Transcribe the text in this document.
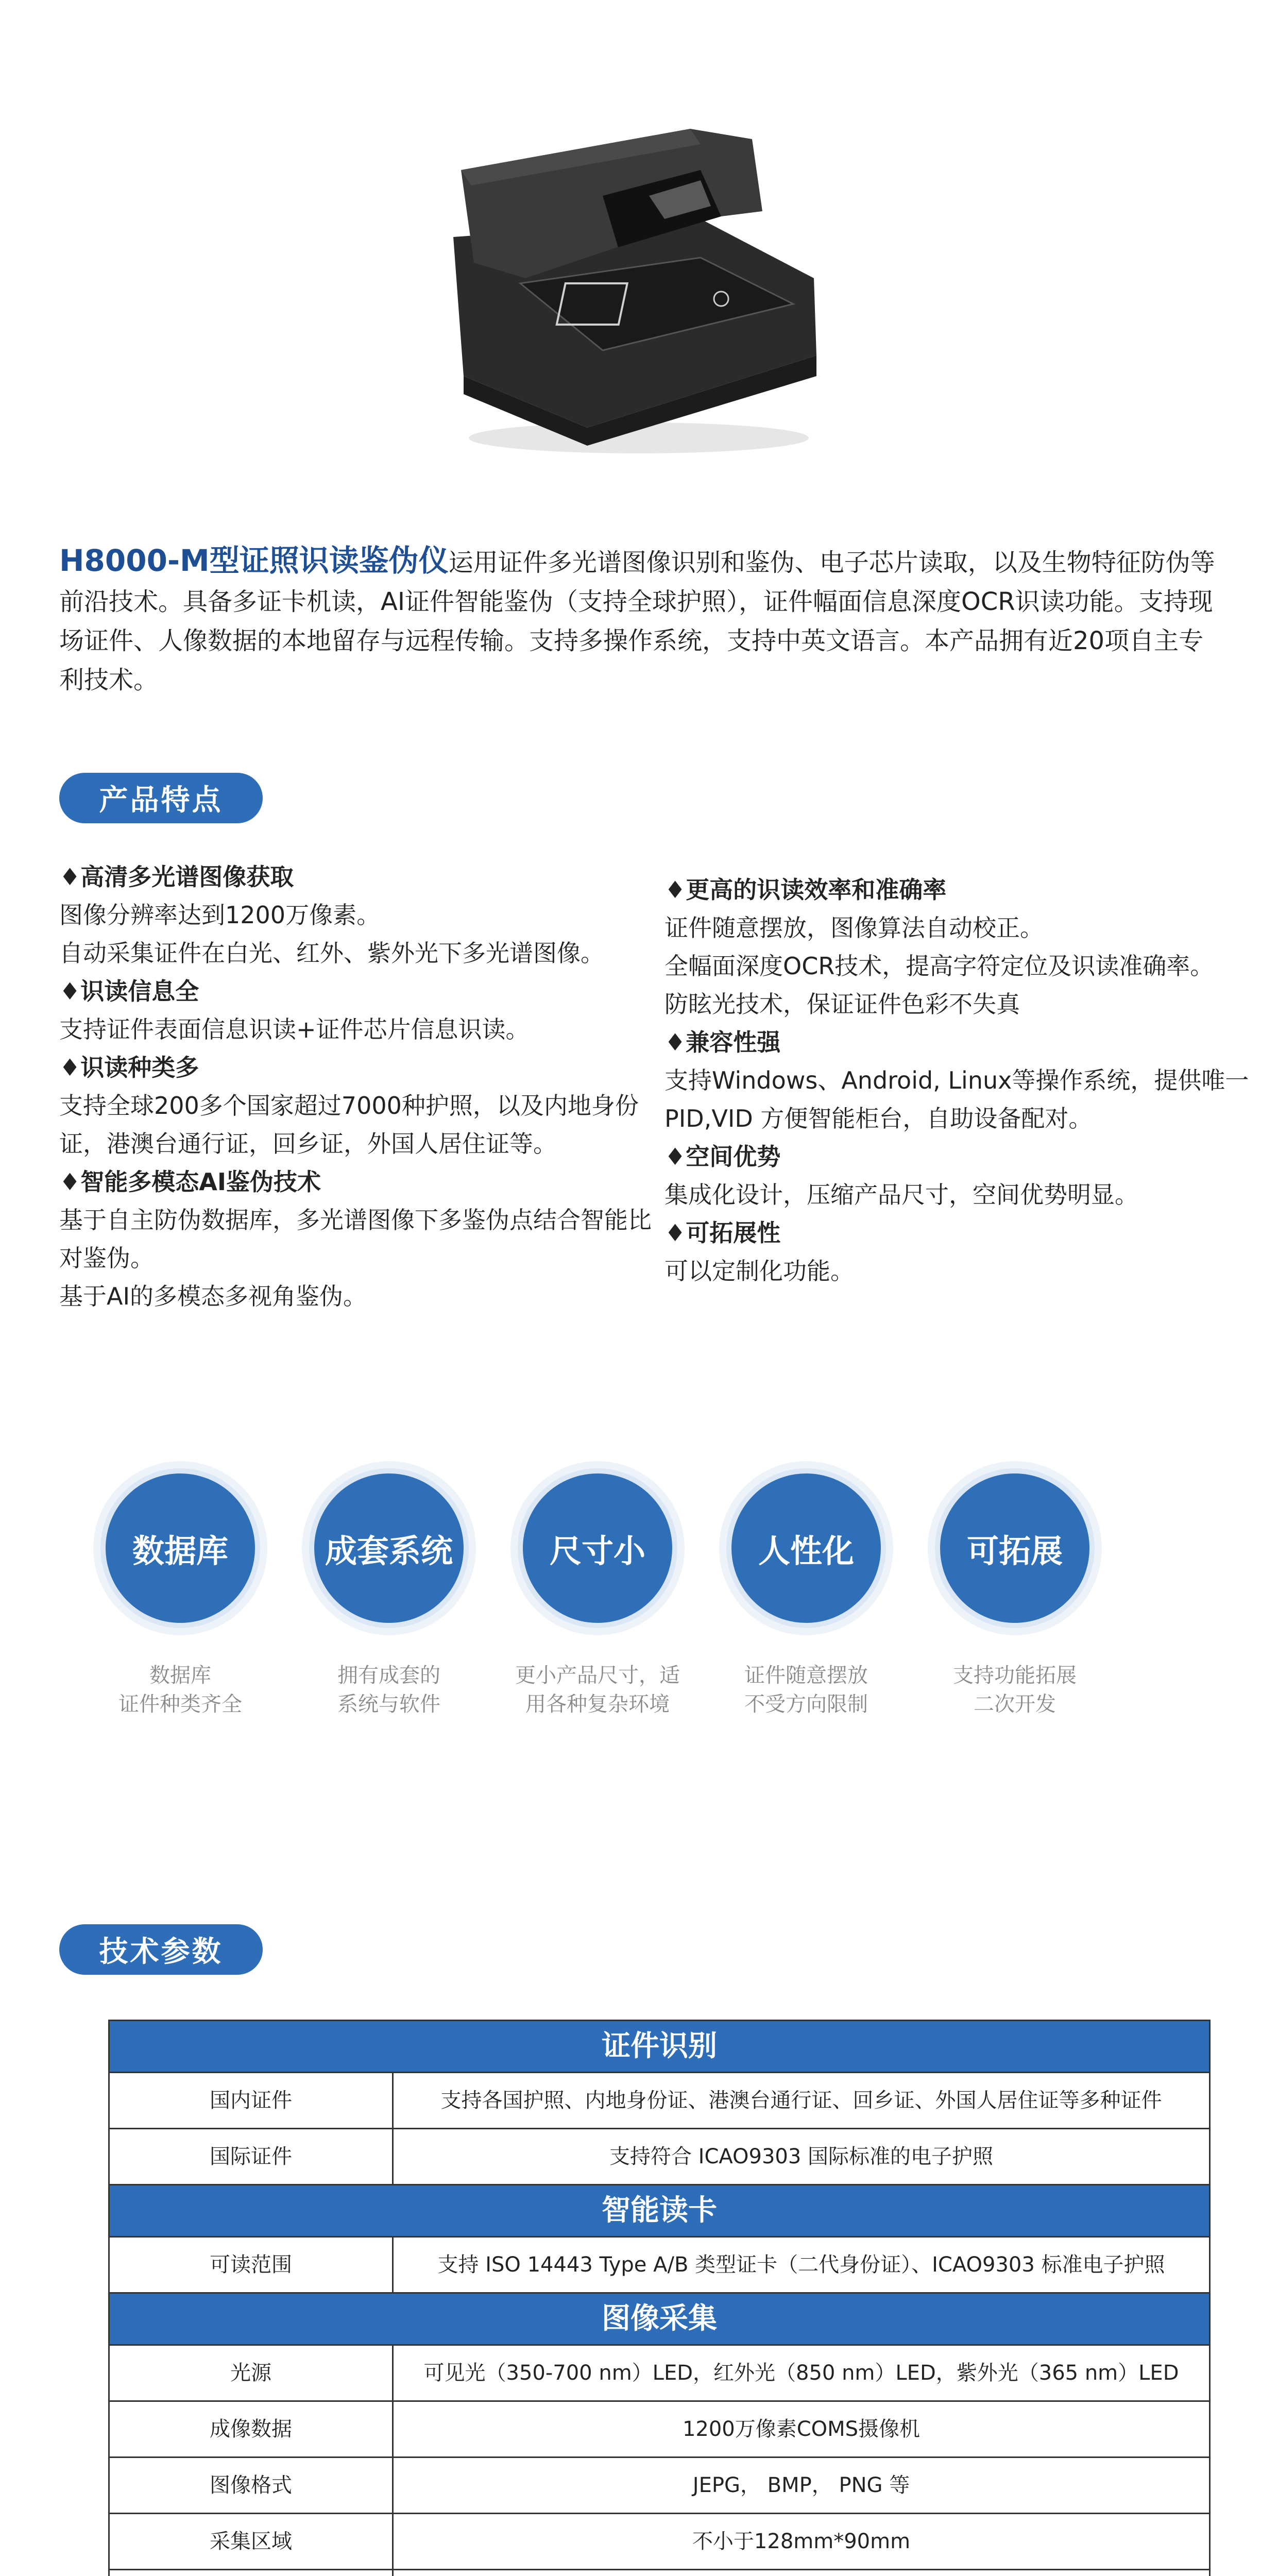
H8000-M型证照识读鉴伪仪运用证件多光谱图像识别和鉴伪、电子芯片读取，以及生物特征防伪等前沿技术。具备多证卡机读，AI证件智能鉴伪（支持全球护照），证件幅面信息深度OCR识读功能。支持现场证件、人像数据的本地留存与远程传输。支持多操作系统，支持中英文语言。本产品拥有近20项自主专利技术。
产品特点
♦高清多光谱图像获取
图像分辨率达到1200万像素。
自动采集证件在白光、红外、紫外光下多光谱图像。
♦识读信息全
支持证件表面信息识读+证件芯片信息识读。
♦识读种类多
支持全球200多个国家超过7000种护照，以及内地身份证，港澳台通行证，回乡证，外国人居住证等。
♦智能多模态AI鉴伪技术
基于自主防伪数据库，多光谱图像下多鉴伪点结合智能比对鉴伪。
基于AI的多模态多视角鉴伪。
♦更高的识读效率和准确率
证件随意摆放，图像算法自动校正。
全幅面深度OCR技术，提高字符定位及识读准确率。
防眩光技术，保证证件色彩不失真
♦兼容性强
支持Windows、Android, Linux等操作系统，提供唯一PID,VID 方便智能柜台，自助设备配对。
♦空间优势
集成化设计，压缩产品尺寸，空间优势明显。
♦可拓展性
可以定制化功能。
数据库
数据库
证件种类齐全
成套系统
拥有成套的
系统与软件
尺寸小
更小产品尺寸，适
用各种复杂环境
人性化
证件随意摆放
不受方向限制
可拓展
支持功能拓展
二次开发
技术参数
证件识别	
国内证件	支持各国护照、内地身份证、港澳台通行证、回乡证、外国人居住证等多种证件
国际证件	支持符合 ICAO9303 国际标准的电子护照
智能读卡	
可读范围	支持 ISO 14443 Type A/B 类型证卡（二代身份证）、ICAO9303 标准电子护照
图像采集	
光源	可见光（350-700 nm）LED，红外光（850 nm）LED，紫外光（365 nm）LED
成像数据	1200万像素COMS摄像机
图像格式	JEPG， BMP， PNG 等
采集区域	不小于128mm*90mm
